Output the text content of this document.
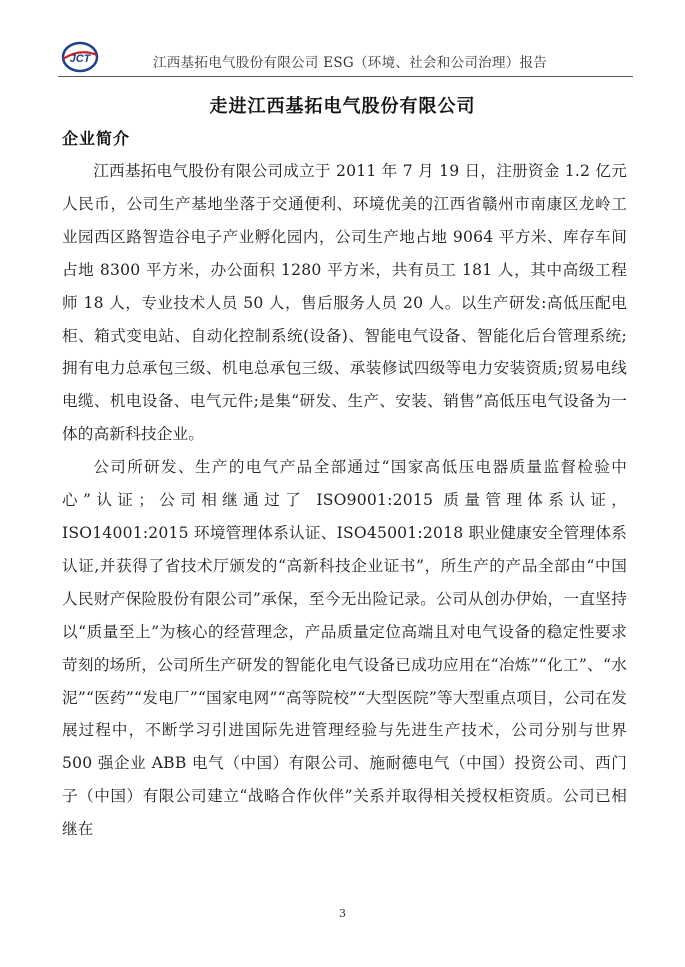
JCT	江西基拓电气股份有限公司 ESG（环境、社会和公司治理）报告
走进江西基拓电气股份有限公司
企业简介

江西基拓电气股份有限公司成立于 2011 年 7 月 19 日，注册资金 1.2 亿元人民币，公司生产基地坐落于交通便利、环境优美的江西省赣州市南康区龙岭工业园西区路智造谷电子产业孵化园内，公司生产地占地 9064 平方米、库存车间占地 8300 平方米，办公面积 1280 平方米，共有员工 181 人，其中高级工程师 18 人，专业技术人员 50 人，售后服务人员 20 人。以生产研发:高低压配电柜、箱式变电站、自动化控制系统(设备)、智能电气设备、智能化后台管理系统;拥有电力总承包三级、机电总承包三级、承装修试四级等电力安装资质;贸易电线电缆、机电设备、电气元件;是集“研发、生产、安装、销售”高低压电气设备为一体的高新科技企业。

公司所研发、生产的电气产品全部通过“国家高低压电器质量监督检验中心”认证；公司相继通过了 ISO9001:2015 质量管理体系认证，ISO14001:2015 环境管理体系认证、ISO45001:2018 职业健康安全管理体系认证,并获得了省技术厅颁发的“高新科技企业证书”，所生产的产品全部由“中国人民财产保险股份有限公司”承保，至今无出险记录。公司从创办伊始，一直坚持以“质量至上”为核心的经营理念，产品质量定位高端且对电气设备的稳定性要求苛刻的场所，公司所生产研发的智能化电气设备已成功应用在“冶炼”“化工”、“水泥”“医药”“发电厂”“国家电网”“高等院校”“大型医院”等大型重点项目，公司在发展过程中，不断学习引进国际先进管理经验与先进生产技术，公司分别与世界 500 强企业 ABB 电气（中国）有限公司、施耐德电气（中国）投资公司、西门子（中国）有限公司建立“战略合作伙伴”关系并取得相关授权柜资质。公司已相继在

3
